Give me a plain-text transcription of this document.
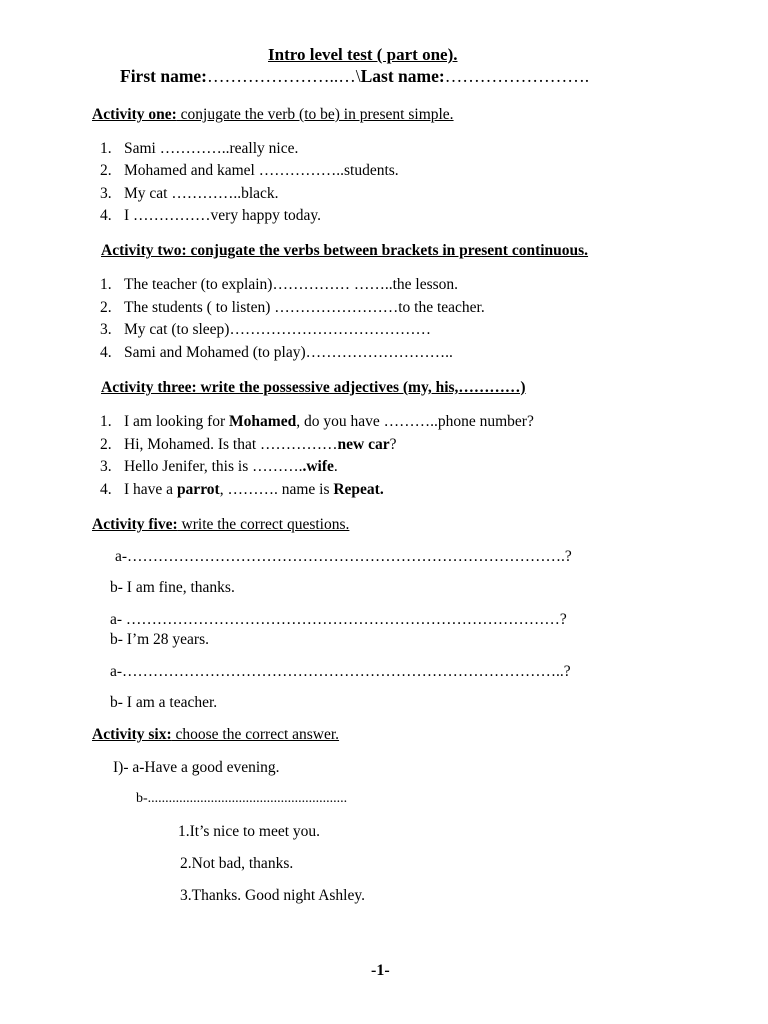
Intro level test ( part one).
First name:…………………..…\Last name:…………………….
Activity one: conjugate the verb (to be) in present simple.
1. Sami …………..really nice.
2. Mohamed and kamel ……………..students.
3. My cat …………..black.
4. I ……………very happy today.
Activity two: conjugate the verbs between brackets in present continuous.
1. The teacher (to explain)…………… ……..the lesson.
2. The students ( to listen) ……………………to the teacher.
3. My cat (to sleep)…………………………………
4. Sami and Mohamed (to play)………………………..
Activity three: write the possessive adjectives (my, his,…………)
1. I am looking for Mohamed, do you have ………..phone number?
2. Hi, Mohamed. Is that ……………new car?
3. Hello Jenifer, this is ………..wife.
4. I have a parrot, ………. name is Repeat.
Activity five: write the correct questions.
a-………………………………………………………………………….?
b- I am fine, thanks.
a- …………………………………………………………………………?
b- I’m 28 years.
a-…………………………………………………………………………..?
b- I am a teacher.
Activity six: choose the correct answer.
I)- a-Have a good evening.
b-.........................................................
1.It’s nice to meet you.
2.Not bad, thanks.
3.Thanks. Good night Ashley.
-1-
